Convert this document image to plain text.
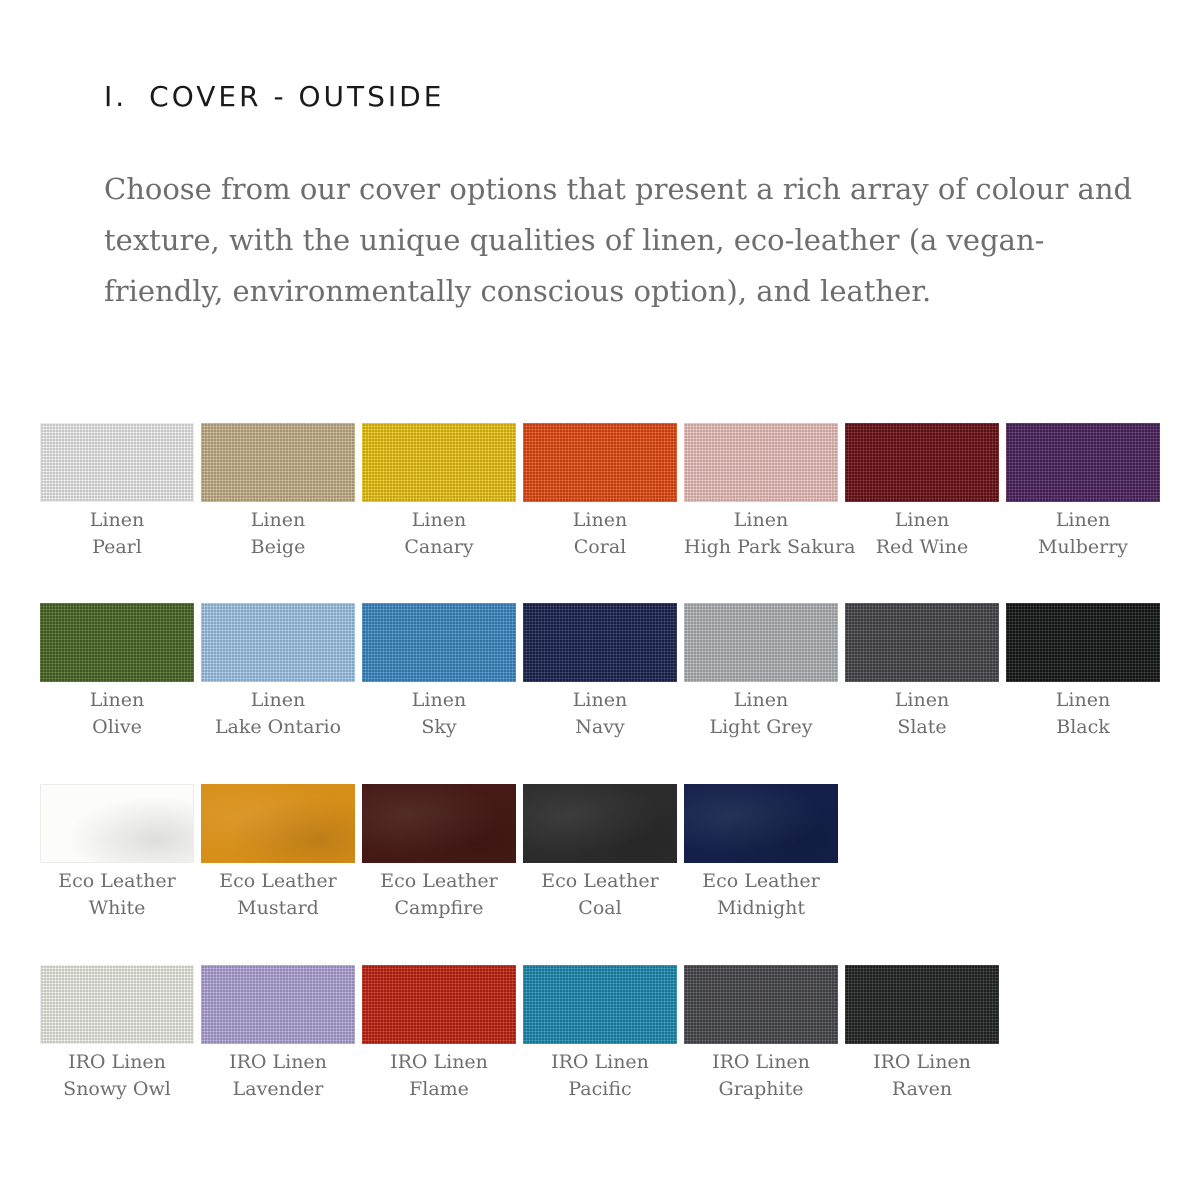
I. COVER - OUTSIDE

Choose from our cover options that present a rich array of colour and texture, with the unique qualities of linen, eco-leather (a vegan-friendly, environmentally conscious option), and leather.

Linen
Pearl
Linen
Beige
Linen
Canary
Linen
Coral
Linen
High Park Sakura
Linen
Red Wine
Linen
Mulberry
Linen
Olive
Linen
Lake Ontario
Linen
Sky
Linen
Navy
Linen
Light Grey
Linen
Slate
Linen
Black
Eco Leather
White
Eco Leather
Mustard
Eco Leather
Campfire
Eco Leather
Coal
Eco Leather
Midnight
IRO Linen
Snowy Owl
IRO Linen
Lavender
IRO Linen
Flame
IRO Linen
Pacific
IRO Linen
Graphite
IRO Linen
Raven
